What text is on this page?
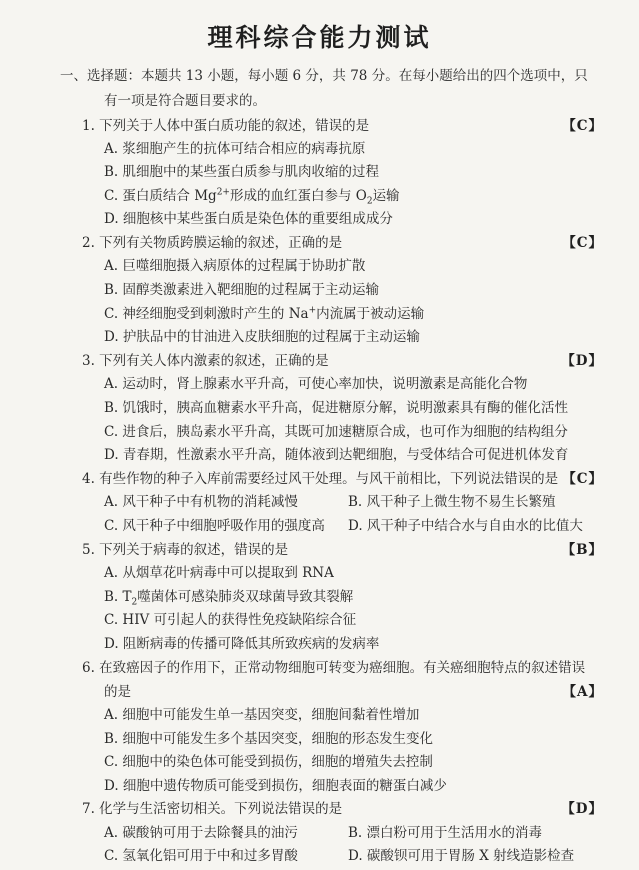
理科综合能力测试
一、选择题：本题共 13 小题，每小题 6 分，共 78 分。在每小题给出的四个选项中，只
有一项是符合题目要求的。
1. 下列关于人体中蛋白质功能的叙述，错误的是	【C】
A. 浆细胞产生的抗体可结合相应的病毒抗原
B. 肌细胞中的某些蛋白质参与肌肉收缩的过程
C. 蛋白质结合 $Mg^{2+}$形成的血红蛋白参与 $O_2$运输
D. 细胞核中某些蛋白质是染色体的重要组成成分
2. 下列有关物质跨膜运输的叙述，正确的是	【C】
A. 巨噬细胞摄入病原体的过程属于协助扩散
B. 固醇类激素进入靶细胞的过程属于主动运输
C. 神经细胞受到刺激时产生的 Na+内流属于被动运输
D. 护肤品中的甘油进入皮肤细胞的过程属于主动运输
3. 下列有关人体内激素的叙述，正确的是	【D】
A. 运动时，肾上腺素水平升高，可使心率加快，说明激素是高能化合物
B. 饥饿时，胰高血糖素水平升高，促进糖原分解，说明激素具有酶的催化活性
C. 进食后，胰岛素水平升高，其既可加速糖原合成，也可作为细胞的结构组分
D. 青春期，性激素水平升高，随体液到达靶细胞，与受体结合可促进机体发育
4. 有些作物的种子入库前需要经过风干处理。与风干前相比，下列说法错误的是 【C】
A. 风干种子中有机物的消耗减慢	B. 风干种子上微生物不易生长繁殖
C. 风干种子中细胞呼吸作用的强度高 D. 风干种子中结合水与自由水的比值大
5. 下列关于病毒的叙述，错误的是	【B】
A. 从烟草花叶病毒中可以提取到 RNA
B. $T_2$噬菌体可感染肺炎双球菌导致其裂解
C. HIV 可引起人的获得性免疫缺陷综合征
D. 阻断病毒的传播可降低其所致疾病的发病率
6. 在致癌因子的作用下，正常动物细胞可转变为癌细胞。有关癌细胞特点的叙述错误
的是	【A】
A. 细胞中可能发生单一基因突变，细胞间黏着性增加
B. 细胞中可能发生多个基因突变，细胞的形态发生变化
C. 细胞中的染色体可能受到损伤，细胞的增殖失去控制
D. 细胞中遗传物质可能受到损伤，细胞表面的糖蛋白减少
7. 化学与生活密切相关。下列说法错误的是	【D】
A. 碳酸钠可用于去除餐具的油污	B. 漂白粉可用于生活用水的消毒
C. 氢氧化铝可用于中和过多胃酸	D. 碳酸钡可用于胃肠 X 射线造影检查
